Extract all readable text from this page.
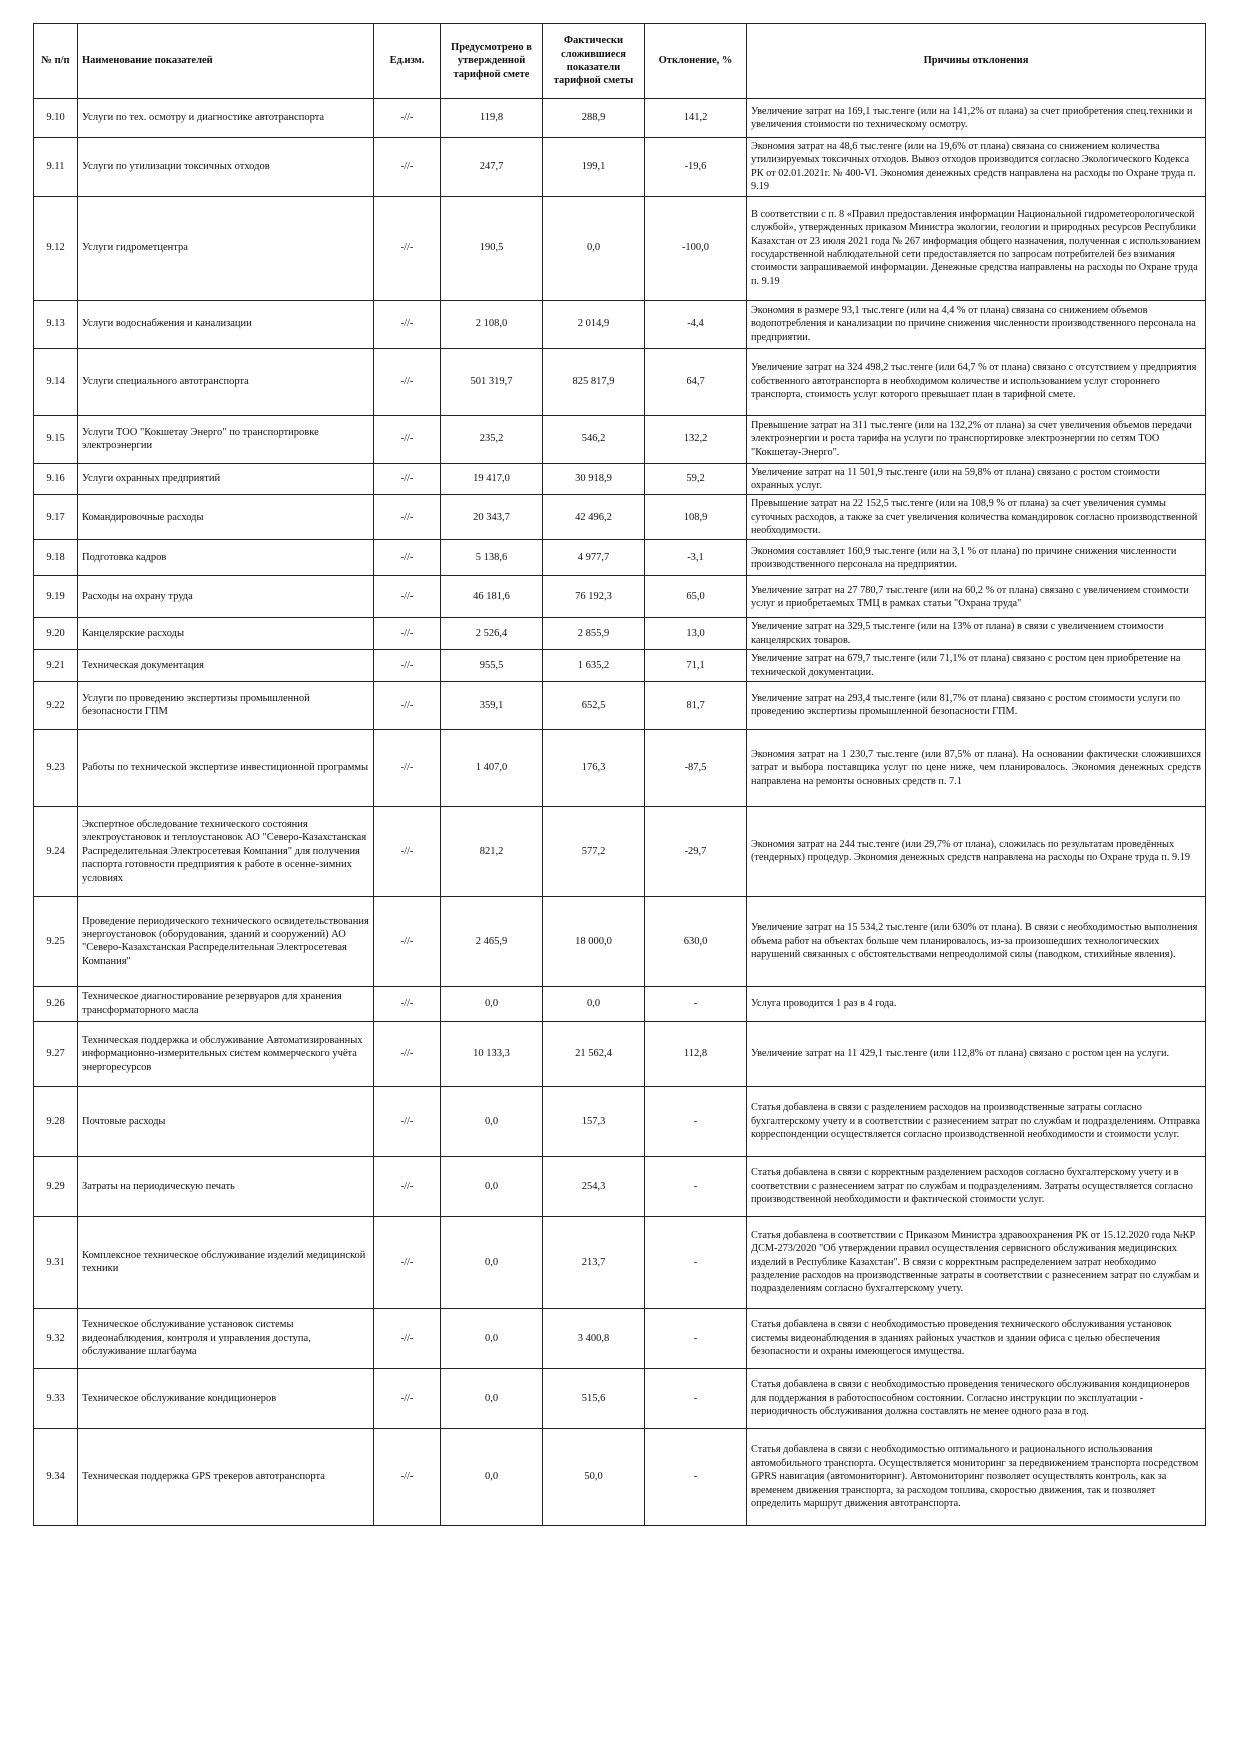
№ п/п	Наименование показателей	Ед.изм.	Предусмотрено в утвержденной тарифной смете	Фактически сложившиеся показатели тарифной сметы	Отклонение, %	Причины отклонения
9.10	Услуги по тех. осмотру и диагностике автотранспорта	-//-	119,8	288,9	141,2	Увеличение затрат на 169,1 тыс.тенге (или на 141,2% от плана) за счет приобретения спец.техники и увеличения стоимости по техническому осмотру.
9.11	Услуги по утилизации токсичных отходов	-//-	247,7	199,1	-19,6	Экономия затрат на 48,6 тыс.тенге (или на 19,6% от плана) связана со снижением количества утилизируемых токсичных отходов. Вывоз отходов производится согласно Экологического Кодекса РК от 02.01.2021г. № 400-VI. Экономия денежных средств направлена на расходы по Охране труда п. 9.19
9.12	Услуги гидрометцентра	-//-	190,5	0,0	-100,0	В соответствии с п. 8 «Правил предоставления информации Национальной гидрометеорологической службой», утвержденных приказом Министра экологии, геологии и природных ресурсов Республики Казахстан от 23 июля 2021 года № 267 информация общего назначения, полученная с использованием государственной наблюдательной сети предоставляется по запросам потребителей без взимания стоимости запрашиваемой информации. Денежные средства направлены на расходы по Охране труда п. 9.19
9.13	Услуги водоснабжения и канализации	-//-	2 108,0	2 014,9	-4,4	Экономия в размере 93,1 тыс.тенге (или на 4,4 % от плана) связана со снижением объемов водопотребления и канализации по причине снижения численности производственного персонала на предприятии.
9.14	Услуги специального автотранспорта	-//-	501 319,7	825 817,9	64,7	Увеличение затрат на 324 498,2 тыс.тенге (или 64,7 % от плана) связано с отсутствием у предприятия собственного автотранспорта в необходимом количестве и использованием услуг стороннего транспорта, стоимость услуг которого превышает план в тарифной смете.
9.15	Услуги ТОО "Кокшетау Энерго" по транспортировке электроэнергии	-//-	235,2	546,2	132,2	Превышение затрат на 311 тыс.тенге (или на 132,2% от плана) за счет увеличения объемов передачи электроэнергии и роста тарифа на услуги по транспортировке электроэнергии по сетям ТОО "Кокшетау-Энерго".
9.16	Услуги охранных предприятий	-//-	19 417,0	30 918,9	59,2	Увеличение затрат на 11 501,9 тыс.тенге (или на 59,8% от плана) связано с ростом стоимости охранных услуг.
9.17	Командировочные расходы	-//-	20 343,7	42 496,2	108,9	Превышение затрат на 22 152,5 тыс.тенге (или на 108,9 % от плана) за счет увеличения суммы суточных расходов, а также за счет увеличения количества командировок согласно производственной необходимости.
9.18	Подготовка кадров	-//-	5 138,6	4 977,7	-3,1	Экономия составляет 160,9 тыс.тенге (или на 3,1 % от плана) по причине снижения численности производственного персонала на предприятии.
9.19	Расходы на охрану труда	-//-	46 181,6	76 192,3	65,0	Увеличение затрат на 27 780,7 тыс.тенге (или на 60,2 % от плана) связано с увеличением стоимости услуг и приобретаемых ТМЦ в рамках статьи "Охрана труда"
9.20	Канцелярские расходы	-//-	2 526,4	2 855,9	13,0	Увеличение затрат на 329,5 тыс.тенге (или на 13% от плана) в связи с увеличением стоимости канцелярских товаров.
9.21	Техническая документация	-//-	955,5	1 635,2	71,1	Увеличение затрат на 679,7 тыс.тенге (или 71,1% от плана) связано с ростом цен приобретение на технической документации.
9.22	Услуги по проведению экспертизы промышленной безопасности ГПМ	-//-	359,1	652,5	81,7	Увеличение затрат на 293,4 тыс.тенге (или 81,7% от плана) связано с ростом стоимости услуги по проведению экспертизы промышленной безопасности ГПМ.
9.23	Работы по технической экспертизе инвестиционной программы	-//-	1 407,0	176,3	-87,5	Экономия затрат на 1 230,7 тыс.тенге (или 87,5% от плана). На основании фактически сложившихся затрат и выбора поставщика услуг по цене ниже, чем планировалось. Экономия денежных средств направлена на ремонты основных средств п. 7.1
9.24	Экспертное обследование технического состояния электроустановок и теплоустановок АО "Северо-Казахстанская Распределительная Электросетевая Компания" для получения паспорта готовности предприятия к работе в осенне-зимних условиях	-//-	821,2	577,2	-29,7	Экономия затрат на 244 тыс.тенге (или 29,7% от плана), сложилась по результатам проведённых (тендерных) процедур. Экономия денежных средств направлена на расходы по Охране труда п. 9.19
9.25	Проведение периодического технического освидетельствования энергоустановок (оборудования, зданий и сооружений) АО "Северо-Казахстанская Распределительная Электросетевая Компания"	-//-	2 465,9	18 000,0	630,0	Увеличение затрат на 15 534,2 тыс.тенге (или 630% от плана). В связи с необходимостью выполнения объема работ на объектах больше чем планировалось, из-за произошедших технологических нарушений связанных с обстоятельствами непреодолимой силы (паводком, стихийные явления).
9.26	Техническое диагностирование резервуаров для хранения трансформаторного масла	-//-	0,0	0,0	-	Услуга проводится 1 раз в 4 года.
9.27	Техническая поддержка и обслуживание Автоматизированных информационно-измерительных систем коммерческого учёта энергоресурсов	-//-	10 133,3	21 562,4	112,8	Увеличение затрат на 11 429,1 тыс.тенге (или 112,8% от плана) связано с ростом цен на услуги.
9.28	Почтовые расходы	-//-	0,0	157,3	-	Статья добавлена в связи с разделением расходов на производственные затраты согласно бухгалтерскому учету и в соответствии с разнесением затрат по службам и подразделениям. Отправка корреспонденции осуществляется согласно производственной необходимости и стоимости услуг.
9.29	Затраты на периодическую печать	-//-	0,0	254,3	-	Статья добавлена в связи с корректным разделением расходов согласно бухгалтерскому учету и в соответствии с разнесением затрат по службам и подразделениям. Затраты осуществляется согласно производственной необходимости и фактической стоимости услуг.
9.31	Комплексное техническое обслуживание изделий медицинской техники	-//-	0,0	213,7	-	Статья добавлена в соответствии с Приказом Министра здравоохранения РК от 15.12.2020 года №КР ДСМ-273/2020 "Об утверждении правил осуществления сервисного обслуживания медицинских изделий в Республике Казахстан". В связи с корректным распределением затрат необходимо разделение расходов на производственные затраты в соответствии с разнесением затрат по службам и подразделениям согласно бухгалтерскому учету.
9.32	Техническое обслуживание установок системы видеонаблюдения, контроля и управления доступа, обслуживание шлагбаума	-//-	0,0	3 400,8	-	Статья добавлена в связи с необходимостью проведения технического обслуживания установок системы видеонаблюдения в зданиях районых участков и здании офиса с целью обеспечения безопасности и охраны имеющегося имущества.
9.33	Техническое обслуживание кондиционеров	-//-	0,0	515,6	-	Статья добавлена в связи с необходимостью проведения тенического обслуживания кондиционеров для поддержания в работоспособном состоянии. Согласно инструкции по эксплуатации - периодичность обслуживания должна составлять не менее одного раза в год.
9.34	Техническая поддержка GPS трекеров автотранспорта	-//-	0,0	50,0	-	Статья добавлена в связи с необходимостью оптимального и рационального использования автомобильного транспорта. Осуществляется мониторинг за передвижением транспорта посредством GPRS навигация (автомониторинг). Автомониторинг позволяет осуществлять контроль, как за временем движения транспорта, за расходом топлива, скоростью движения, так и позволяет определить маршрут движения автотранспорта.
